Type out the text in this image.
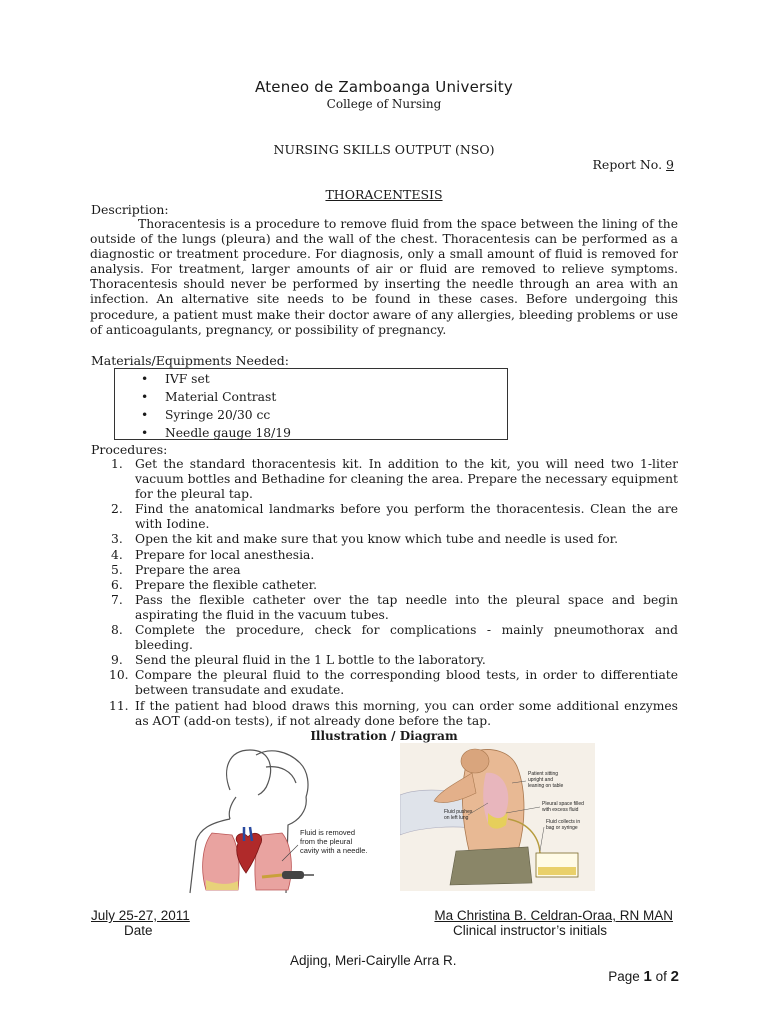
Ateneo de Zamboanga University
College of Nursing
NURSING SKILLS OUTPUT (NSO)
Report No. 9
THORACENTESIS
Description:

Thoracentesis is a procedure to remove fluid from the space between the lining of the outside of the lungs (pleura) and the wall of the chest. Thoracentesis can be performed as a diagnostic or treatment procedure. For diagnosis, only a small amount of fluid is removed for analysis. For treatment, larger amounts of air or fluid are removed to relieve symptoms. Thoracentesis should never be performed by inserting the needle through an area with an infection. An alternative site needs to be found in these cases. Before undergoing this procedure, a patient must make their doctor aware of any allergies, bleeding problems or use of anticoagulants, pregnancy, or possibility of pregnancy.

Materials/Equipments Needed:
• IVF set
• Material Contrast
• Syringe 20/30 cc
• Needle gauge 18/19
Procedures:
1. Get the standard thoracentesis kit. In addition to the kit, you will need two 1-liter vacuum bottles and Bethadine for cleaning the area. Prepare the necessary equipment for the pleural tap.
2. Find the anatomical landmarks before you perform the thoracentesis. Clean the are with Iodine.
3. Open the kit and make sure that you know which tube and needle is used for.
4. Prepare for local anesthesia.
5. Prepare the area
6. Prepare the flexible catheter.
7. Pass the flexible catheter over the tap needle into the pleural space and begin aspirating the fluid in the vacuum tubes.
8. Complete the procedure, check for complications - mainly pneumothorax and bleeding.
9. Send the pleural fluid in the 1 L bottle to the laboratory.
10. Compare the pleural fluid to the corresponding blood tests, in order to differentiate between transudate and exudate.
11. If the patient had blood draws this morning, you can order some additional enzymes as AOT (add-on tests), if not already done before the tap.
Illustration / Diagram
Fluid is removed
from the pleural
cavity with a needle.
Patient sitting
upright and
leaning on table
Pleural space filled
with excess fluid
Fluid pushes
on left lung
Fluid collects in
bag or syringe
July 25-27, 2011
Date
Ma Christina B. Celdran-Oraa, RN MAN
Clinical instructor’s initials
Adjing, Meri-Cairylle Arra R.
Page 1 of 2
